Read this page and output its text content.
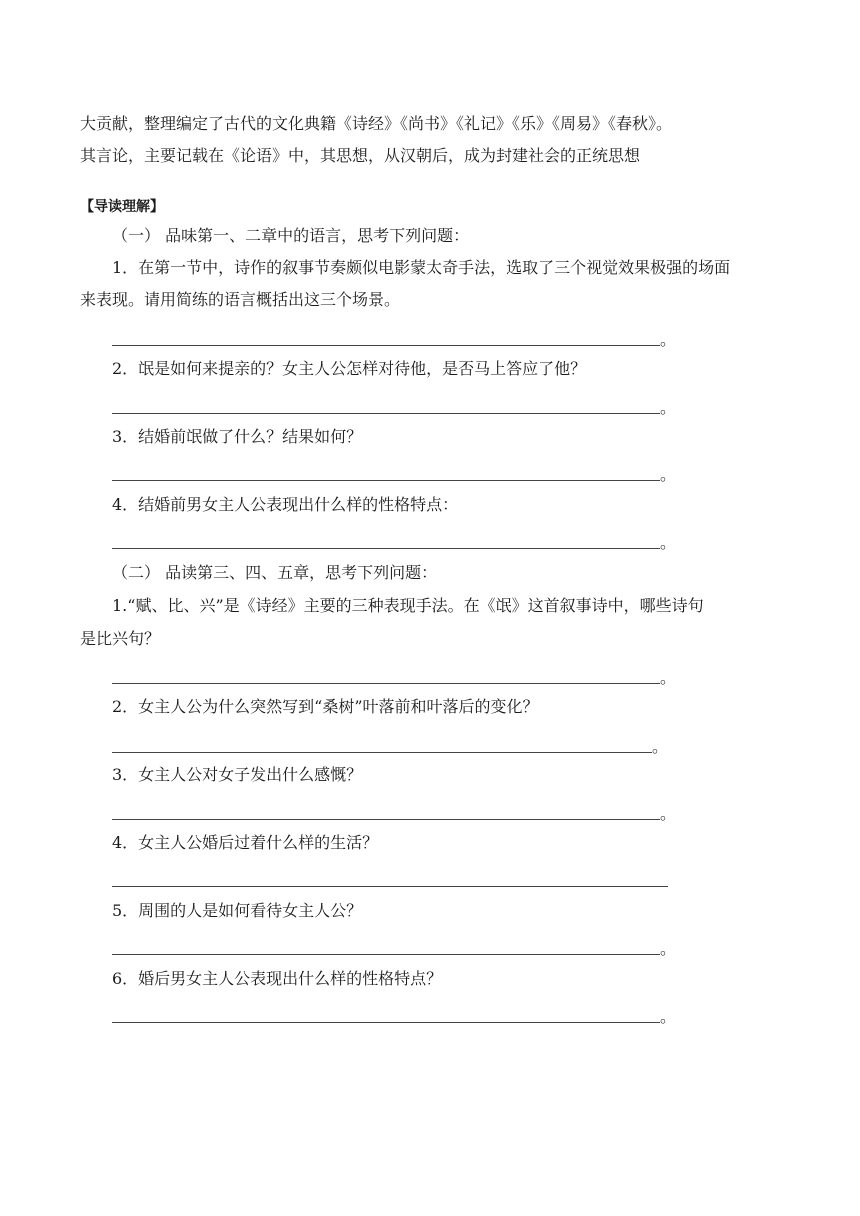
大贡献，整理编定了古代的文化典籍《诗经》《尚书》《礼记》《乐》《周易》《春秋》。
其言论，主要记载在《论语》中，其思想，从汉朝后，成为封建社会的正统思想
【导读理解】
（一） 品味第一、二章中的语言，思考下列问题：
1．在第一节中，诗作的叙事节奏颇似电影蒙太奇手法，选取了三个视觉效果极强的场面
来表现。请用简练的语言概括出这三个场景。
。
2．氓是如何来提亲的？女主人公怎样对待他，是否马上答应了他？
。
3．结婚前氓做了什么？结果如何？
。
4．结婚前男女主人公表现出什么样的性格特点：
。
（二） 品读第三、四、五章，思考下列问题：
1.“赋、比、兴”是《诗经》主要的三种表现手法。在《氓》这首叙事诗中，哪些诗句
是比兴句？
。
2．女主人公为什么突然写到“桑树”叶落前和叶落后的变化？
。
3．女主人公对女子发出什么感慨？
。
4．女主人公婚后过着什么样的生活？
5．周围的人是如何看待女主人公？
。
6．婚后男女主人公表现出什么样的性格特点？
。
